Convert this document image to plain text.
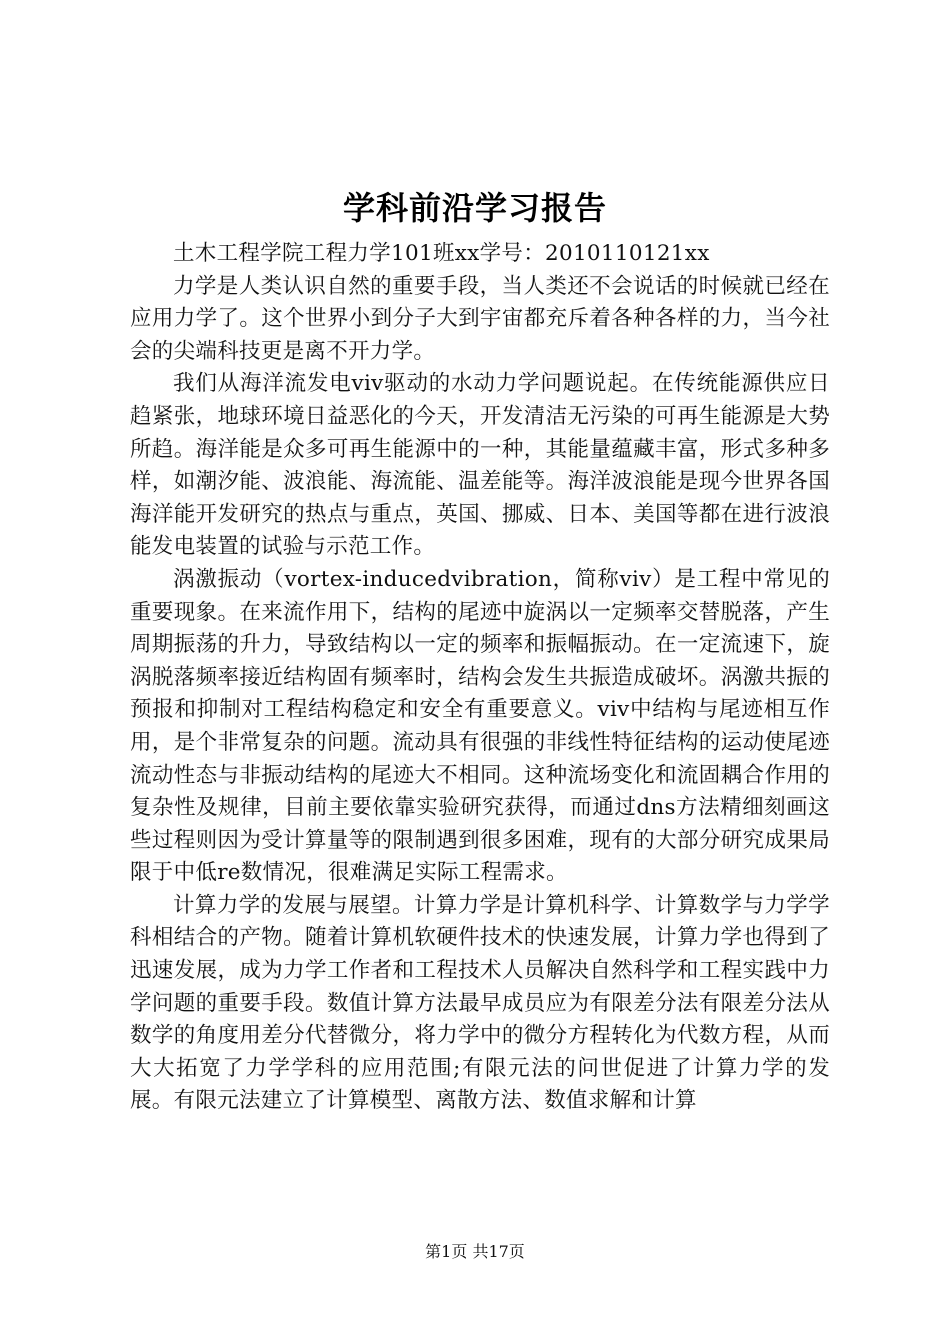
学科前沿学习报告

土木工程学院工程力学101班xx学号：2010110121xx

力学是人类认识自然的重要手段，当人类还不会说话的时候就已经在应用力学了。这个世界小到分子大到宇宙都充斥着各种各样的力，当今社会的尖端科技更是离不开力学。

我们从海洋流发电viv驱动的水动力学问题说起。在传统能源供应日趋紧张，地球环境日益恶化的今天，开发清洁无污染的可再生能源是大势所趋。海洋能是众多可再生能源中的一种，其能量蕴藏丰富，形式多种多样，如潮汐能、波浪能、海流能、温差能等。海洋波浪能是现今世界各国海洋能开发研究的热点与重点，英国、挪威、日本、美国等都在进行波浪能发电装置的试验与示范工作。

涡激振动（vortex-inducedvibration，简称viv）是工程中常见的重要现象。在来流作用下，结构的尾迹中旋涡以一定频率交替脱落，产生周期振荡的升力，导致结构以一定的频率和振幅振动。在一定流速下，旋涡脱落频率接近结构固有频率时，结构会发生共振造成破坏。涡激共振的预报和抑制对工程结构稳定和安全有重要意义。viv中结构与尾迹相互作用，是个非常复杂的问题。流动具有很强的非线性特征结构的运动使尾迹流动性态与非振动结构的尾迹大不相同。这种流场变化和流固耦合作用的复杂性及规律，目前主要依靠实验研究获得，而通过dns方法精细刻画这些过程则因为受计算量等的限制遇到很多困难，现有的大部分研究成果局限于中低re数情况，很难满足实际工程需求。

计算力学的发展与展望。计算力学是计算机科学、计算数学与力学学科相结合的产物。随着计算机软硬件技术的快速发展，计算力学也得到了迅速发展，成为力学工作者和工程技术人员解决自然科学和工程实践中力学问题的重要手段。数值计算方法最早成员应为有限差分法有限差分法从数学的角度用差分代替微分，将力学中的微分方程转化为代数方程，从而大大拓宽了力学学科的应用范围;有限元法的问世促进了计算力学的发展。有限元法建立了计算模型、离散方法、数值求解和计算

第1页 共17页
